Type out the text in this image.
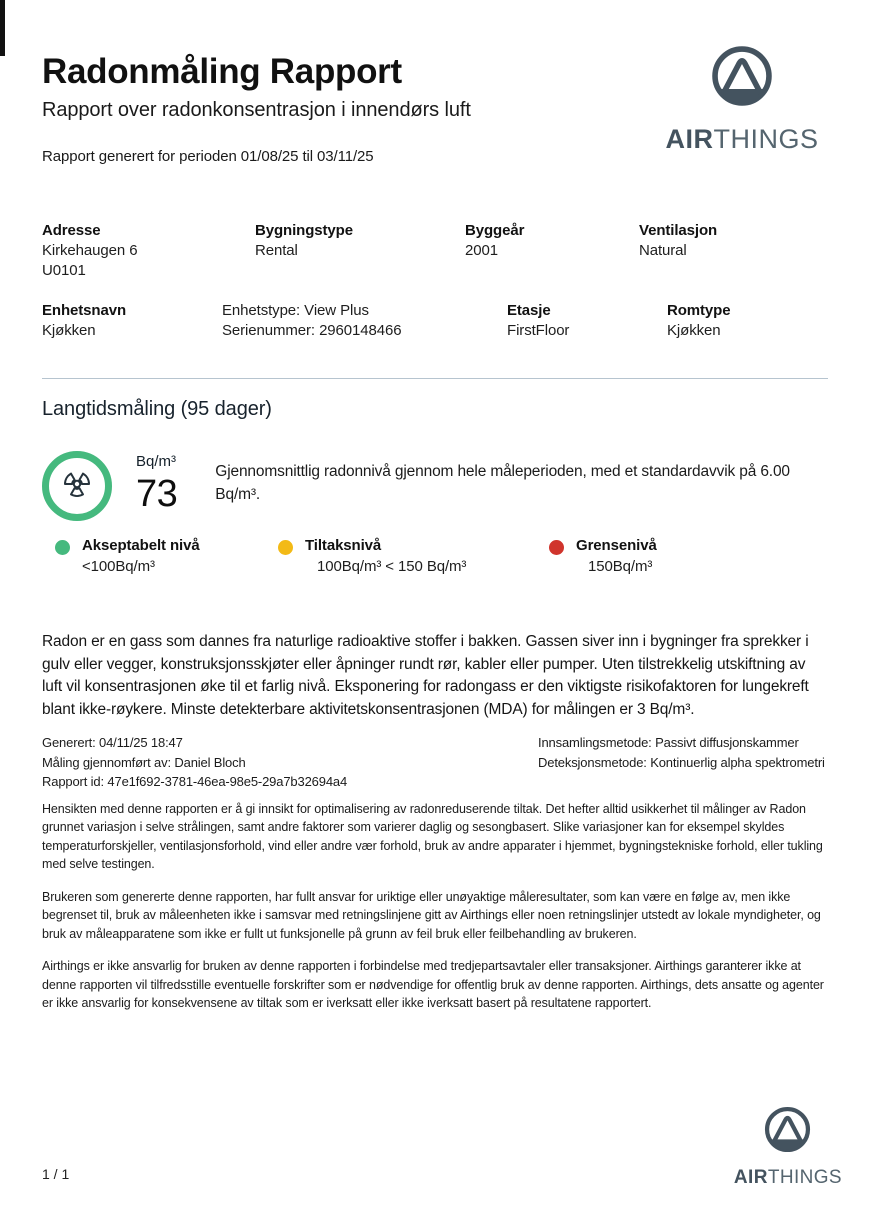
Radonmåling Rapport
Rapport over radonkonsentrasjon i innendørs luft
Rapport generert for perioden 01/08/25 til 03/11/25
AIRTHINGS
Adresse
Kirkehaugen 6
U0101
Bygningstype
Rental
Byggeår
2001
Ventilasjon
Natural
Enhetsnavn
Kjøkken
Enhetstype: View Plus
Serienummer: 2960148466
Etasje
FirstFloor
Romtype
Kjøkken
Langtidsmåling (95 dager)
Bq/m³
73
Gjennomsnittlig radonnivå gjennom hele måleperioden, med et standardavvik på 6.00 Bq/m³.
Akseptabelt nivå
<100Bq/m³
Tiltaksnivå
100Bq/m³ < 150 Bq/m³
Grensenivå
150Bq/m³

Radon er en gass som dannes fra naturlige radioaktive stoffer i bakken. Gassen siver inn i bygninger fra sprekker i gulv eller vegger, konstruksjonsskjøter eller åpninger rundt rør, kabler eller pumper. Uten tilstrekkelig utskiftning av luft vil konsentrasjonen øke til et farlig nivå. Eksponering for radongass er den viktigste risikofaktoren for lungekreft blant ikke-røykere. Minste detekterbare aktivitetskonsentrasjonen (MDA) for målingen er 3 Bq/m³.

Generert: 04/11/25 18:47
Måling gjennomført av: Daniel Bloch
Rapport id: 47e1f692-3781-46ea-98e5-29a7b32694a4
Innsamlingsmetode: Passivt diffusjonskammer
Deteksjonsmetode: Kontinuerlig alpha spektrometri

Hensikten med denne rapporten er å gi innsikt for optimalisering av radonreduserende tiltak. Det hefter alltid usikkerhet til målinger av Radon grunnet variasjon i selve strålingen, samt andre faktorer som varierer daglig og sesongbasert. Slike variasjoner kan for eksempel skyldes temperaturforskjeller, ventilasjonsforhold, vind eller andre vær forhold, bruk av andre apparater i hjemmet, bygningstekniske forhold, eller tukling med selve testingen.

Brukeren som genererte denne rapporten, har fullt ansvar for uriktige eller unøyaktige måleresultater, som kan være en følge av, men ikke begrenset til, bruk av måleenheten ikke i samsvar med retningslinjene gitt av Airthings eller noen retningslinjer utstedt av lokale myndigheter, og bruk av måleapparatene som ikke er fullt ut funksjonelle på grunn av feil bruk eller feilbehandling av brukeren.

Airthings er ikke ansvarlig for bruken av denne rapporten i forbindelse med tredjepartsavtaler eller transaksjoner. Airthings garanterer ikke at denne rapporten vil tilfredsstille eventuelle forskrifter som er nødvendige for offentlig bruk av denne rapporten. Airthings, dets ansatte og agenter er ikke ansvarlig for konsekvensene av tiltak som er iverksatt eller ikke iverksatt basert på resultatene rapportert.

1 / 1	AIRTHINGS
